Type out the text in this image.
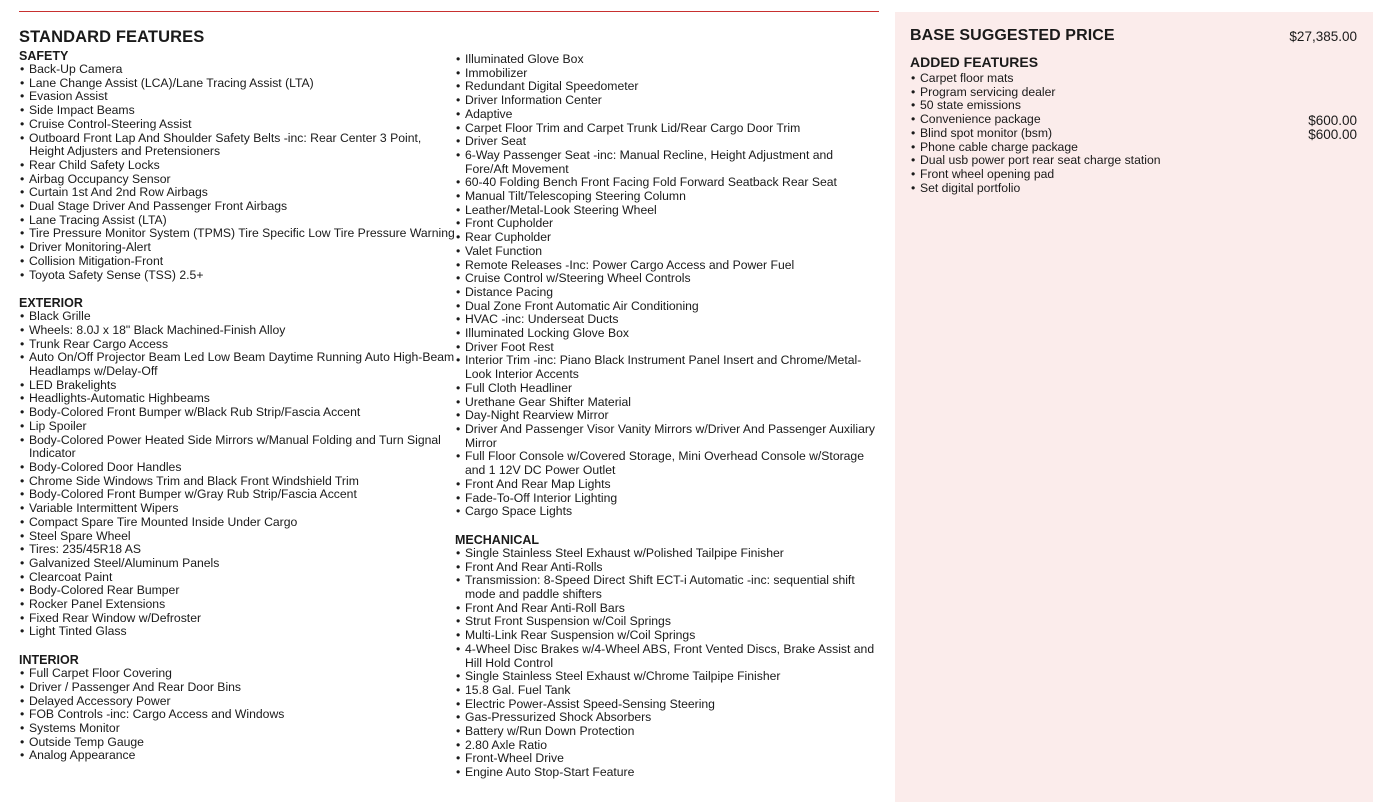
STANDARD FEATURES
SAFETY
• Back-Up Camera
• Lane Change Assist (LCA)/Lane Tracing Assist (LTA)
• Evasion Assist
• Side Impact Beams
• Cruise Control-Steering Assist
• Outboard Front Lap And Shoulder Safety Belts -inc: Rear Center 3 Point, Height Adjusters and Pretensioners
• Rear Child Safety Locks
• Airbag Occupancy Sensor
• Curtain 1st And 2nd Row Airbags
• Dual Stage Driver And Passenger Front Airbags
• Lane Tracing Assist (LTA)
• Tire Pressure Monitor System (TPMS) Tire Specific Low Tire Pressure Warning
• Driver Monitoring-Alert
• Collision Mitigation-Front
• Toyota Safety Sense (TSS) 2.5+
EXTERIOR
• Black Grille
• Wheels: 8.0J x 18" Black Machined-Finish Alloy
• Trunk Rear Cargo Access
• Auto On/Off Projector Beam Led Low Beam Daytime Running Auto High-Beam Headlamps w/Delay-Off
• LED Brakelights
• Headlights-Automatic Highbeams
• Body-Colored Front Bumper w/Black Rub Strip/Fascia Accent
• Lip Spoiler
• Body-Colored Power Heated Side Mirrors w/Manual Folding and Turn Signal Indicator
• Body-Colored Door Handles
• Chrome Side Windows Trim and Black Front Windshield Trim
• Body-Colored Front Bumper w/Gray Rub Strip/Fascia Accent
• Variable Intermittent Wipers
• Compact Spare Tire Mounted Inside Under Cargo
• Steel Spare Wheel
• Tires: 235/45R18 AS
• Galvanized Steel/Aluminum Panels
• Clearcoat Paint
• Body-Colored Rear Bumper
• Rocker Panel Extensions
• Fixed Rear Window w/Defroster
• Light Tinted Glass
INTERIOR
• Full Carpet Floor Covering
• Driver / Passenger And Rear Door Bins
• Delayed Accessory Power
• FOB Controls -inc: Cargo Access and Windows
• Systems Monitor
• Outside Temp Gauge
• Analog Appearance
• Illuminated Glove Box
• Immobilizer
• Redundant Digital Speedometer
• Driver Information Center
• Adaptive
• Carpet Floor Trim and Carpet Trunk Lid/Rear Cargo Door Trim
• Driver Seat
• 6-Way Passenger Seat -inc: Manual Recline, Height Adjustment and Fore/Aft Movement
• 60-40 Folding Bench Front Facing Fold Forward Seatback Rear Seat
• Manual Tilt/Telescoping Steering Column
• Leather/Metal-Look Steering Wheel
• Front Cupholder
• Rear Cupholder
• Valet Function
• Remote Releases -Inc: Power Cargo Access and Power Fuel
• Cruise Control w/Steering Wheel Controls
• Distance Pacing
• Dual Zone Front Automatic Air Conditioning
• HVAC -inc: Underseat Ducts
• Illuminated Locking Glove Box
• Driver Foot Rest
• Interior Trim -inc: Piano Black Instrument Panel Insert and Chrome/Metal-Look Interior Accents
• Full Cloth Headliner
• Urethane Gear Shifter Material
• Day-Night Rearview Mirror
• Driver And Passenger Visor Vanity Mirrors w/Driver And Passenger Auxiliary Mirror
• Full Floor Console w/Covered Storage, Mini Overhead Console w/Storage and 1 12V DC Power Outlet
• Front And Rear Map Lights
• Fade-To-Off Interior Lighting
• Cargo Space Lights
MECHANICAL
• Single Stainless Steel Exhaust w/Polished Tailpipe Finisher
• Front And Rear Anti-Rolls
• Transmission: 8-Speed Direct Shift ECT-i Automatic -inc: sequential shift mode and paddle shifters
• Front And Rear Anti-Roll Bars
• Strut Front Suspension w/Coil Springs
• Multi-Link Rear Suspension w/Coil Springs
• 4-Wheel Disc Brakes w/4-Wheel ABS, Front Vented Discs, Brake Assist and Hill Hold Control
• Single Stainless Steel Exhaust w/Chrome Tailpipe Finisher
• 15.8 Gal. Fuel Tank
• Electric Power-Assist Speed-Sensing Steering
• Gas-Pressurized Shock Absorbers
• Battery w/Run Down Protection
• 2.80 Axle Ratio
• Front-Wheel Drive
• Engine Auto Stop-Start Feature
BASE SUGGESTED PRICE	$27,385.00
ADDED FEATURES
• Carpet floor mats
• Program servicing dealer
• 50 state emissions
• Convenience package	$600.00
• Blind spot monitor (bsm)	$600.00
• Phone cable charge package
• Dual usb power port rear seat charge station
• Front wheel opening pad
• Set digital portfolio
